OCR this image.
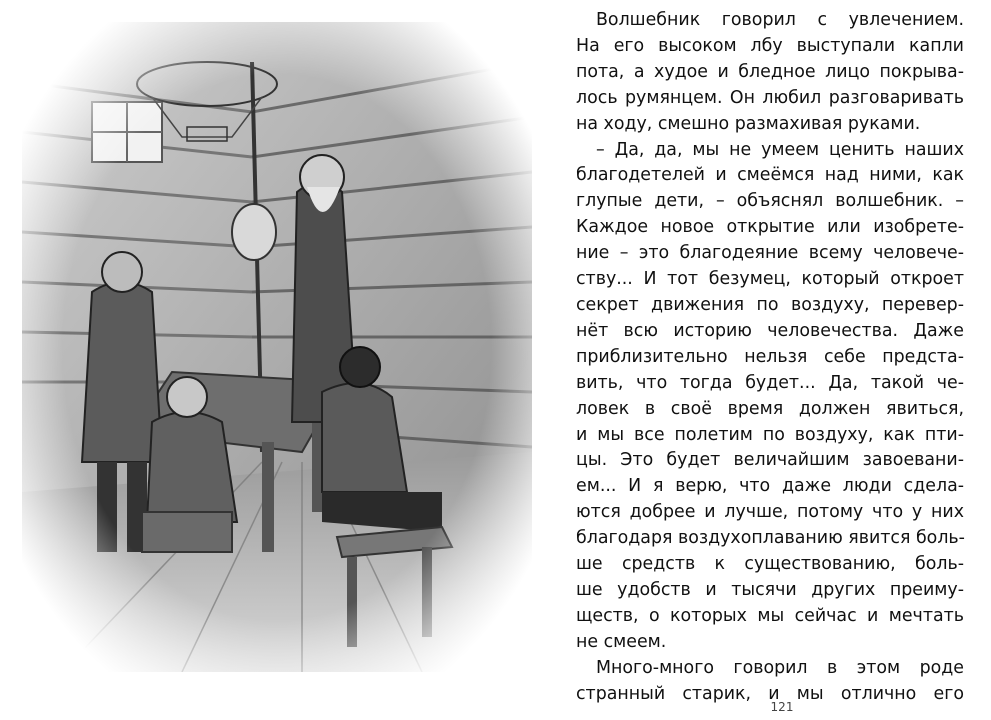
Волшебник говорил с увлечением.
На его высоком лбу выступали капли
пота, а худое и бледное лицо покрыва-
лось румянцем. Он любил разговаривать
на ходу, смешно размахивая руками.
– Да, да, мы не умеем ценить наших
благодетелей и смеёмся над ними, как
глупые дети, – объяснял волшебник. –
Каждое новое открытие или изобрете-
ние – это благодеяние всему человече-
ству... И тот безумец, который откроет
секрет движения по воздуху, перевер-
нёт всю историю человечества. Даже
приблизительно нельзя себе предста-
вить, что тогда будет... Да, такой че-
ловек в своё время должен явиться,
и мы все полетим по воздуху, как пти-
цы. Это будет величайшим завоевани-
ем... И я верю, что даже люди сделa-
ются добрее и лучше, потому что у них
благодаря воздухоплаванию явится боль-
ше средств к существованию, боль-
ше удобств и тысячи других преиму-
ществ, о которых мы сейчас и мечтать
не смеем.
Много-много говорил в этом роде
странный старик, и мы отлично его
121
